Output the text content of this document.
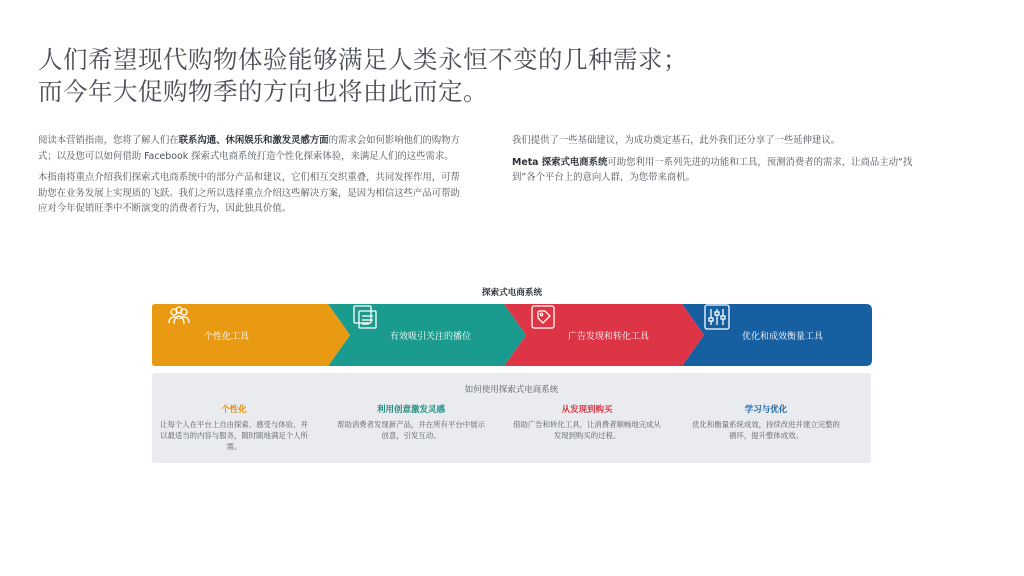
人们希望现代购物体验能够满足人类永恒不变的几种需求；
而今年大促购物季的方向也将由此而定。

阅读本营销指南，您将了解人们在联系沟通、休闲娱乐和激发灵感方面的需求会如何影响他们的购物方式；以及您可以如何借助 Facebook 探索式电商系统打造个性化探索体验，来满足人们的这些需求。

本指南将重点介绍我们探索式电商系统中的部分产品和建议，它们相互交织重叠，共同发挥作用，可帮助您在业务发展上实现质的飞跃。我们之所以选择重点介绍这些解决方案，是因为相信这些产品可帮助应对今年促销旺季中不断演变的消费者行为，因此独具价值。

我们提供了一些基础建议，为成功奠定基石，此外我们还分享了一些延伸建议。

Meta 探索式电商系统可助您利用一系列先进的功能和工具，预测消费者的需求，让商品主动“找到”各个平台上的意向人群，为您带来商机。

探索式电商系统
个性化工具	有效吸引关注的播位	广告发现和转化工具	优化和成效衡量工具
如何使用探索式电商系统
个性化

让每个人在平台上自由探索、感受与体验，并以最适当的内容与服务，随时随地满足个人所需。

利用创意激发灵感

帮助消费者发现新产品，并在所有平台中展示创意，引发互动。

从发现到购买

借助广告和转化工具，让消费者顺畅地完成从发现到购买的过程。

学习与优化

优化和衡量系统成效，持续改进并建立完整的循环，提升整体成效。
